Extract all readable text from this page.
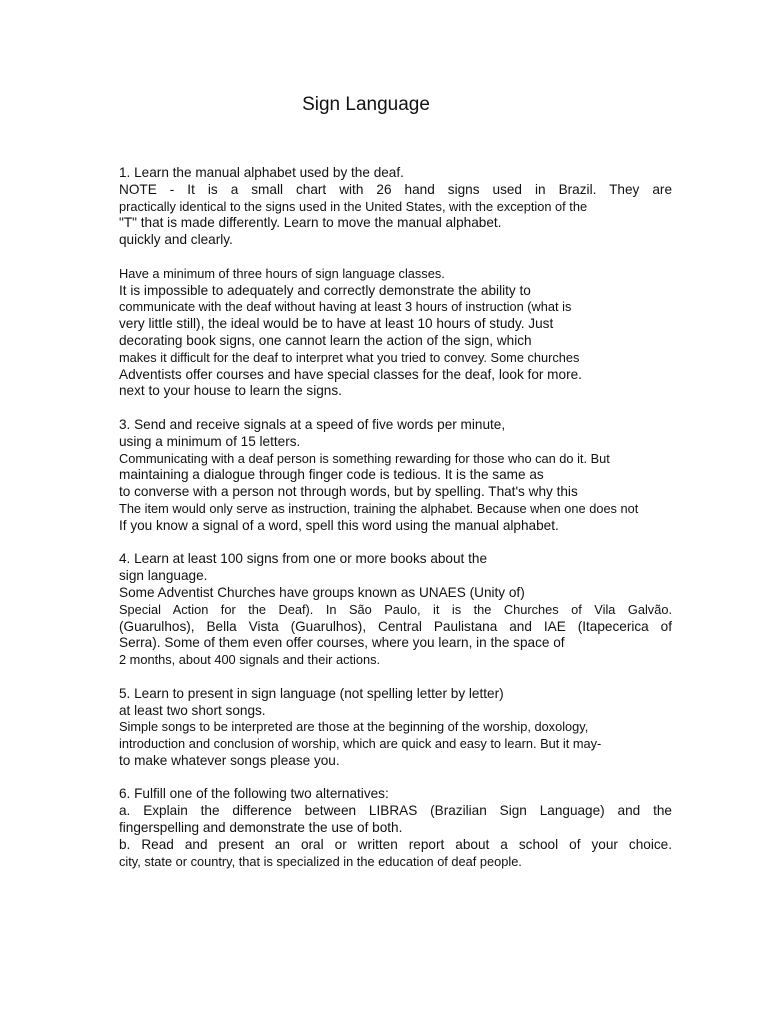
Sign Language
1. Learn the manual alphabet used by the deaf.
NOTE - It is a small chart with 26 hand signs used in Brazil. They are
practically identical to the signs used in the United States, with the exception of the
"T" that is made differently. Learn to move the manual alphabet.
quickly and clearly.
Have a minimum of three hours of sign language classes.
It is impossible to adequately and correctly demonstrate the ability to
communicate with the deaf without having at least 3 hours of instruction (what is
very little still), the ideal would be to have at least 10 hours of study. Just
decorating book signs, one cannot learn the action of the sign, which
makes it difficult for the deaf to interpret what you tried to convey. Some churches
Adventists offer courses and have special classes for the deaf, look for more.
next to your house to learn the signs.
3. Send and receive signals at a speed of five words per minute,
using a minimum of 15 letters.
Communicating with a deaf person is something rewarding for those who can do it. But
maintaining a dialogue through finger code is tedious. It is the same as
to converse with a person not through words, but by spelling. That's why this
The item would only serve as instruction, training the alphabet. Because when one does not
If you know a signal of a word, spell this word using the manual alphabet.
4. Learn at least 100 signs from one or more books about the
sign language.
Some Adventist Churches have groups known as UNAES (Unity of)
Special Action for the Deaf). In São Paulo, it is the Churches of Vila Galvão.
(Guarulhos), Bella Vista (Guarulhos), Central Paulistana and IAE (Itapecerica of
Serra). Some of them even offer courses, where you learn, in the space of
2 months, about 400 signals and their actions.
5. Learn to present in sign language (not spelling letter by letter)
at least two short songs.
Simple songs to be interpreted are those at the beginning of the worship, doxology,
introduction and conclusion of worship, which are quick and easy to learn. But it may-
to make whatever songs please you.
6. Fulfill one of the following two alternatives:
a. Explain the difference between LIBRAS (Brazilian Sign Language) and the
fingerspelling and demonstrate the use of both.
b. Read and present an oral or written report about a school of your choice.
city, state or country, that is specialized in the education of deaf people.
